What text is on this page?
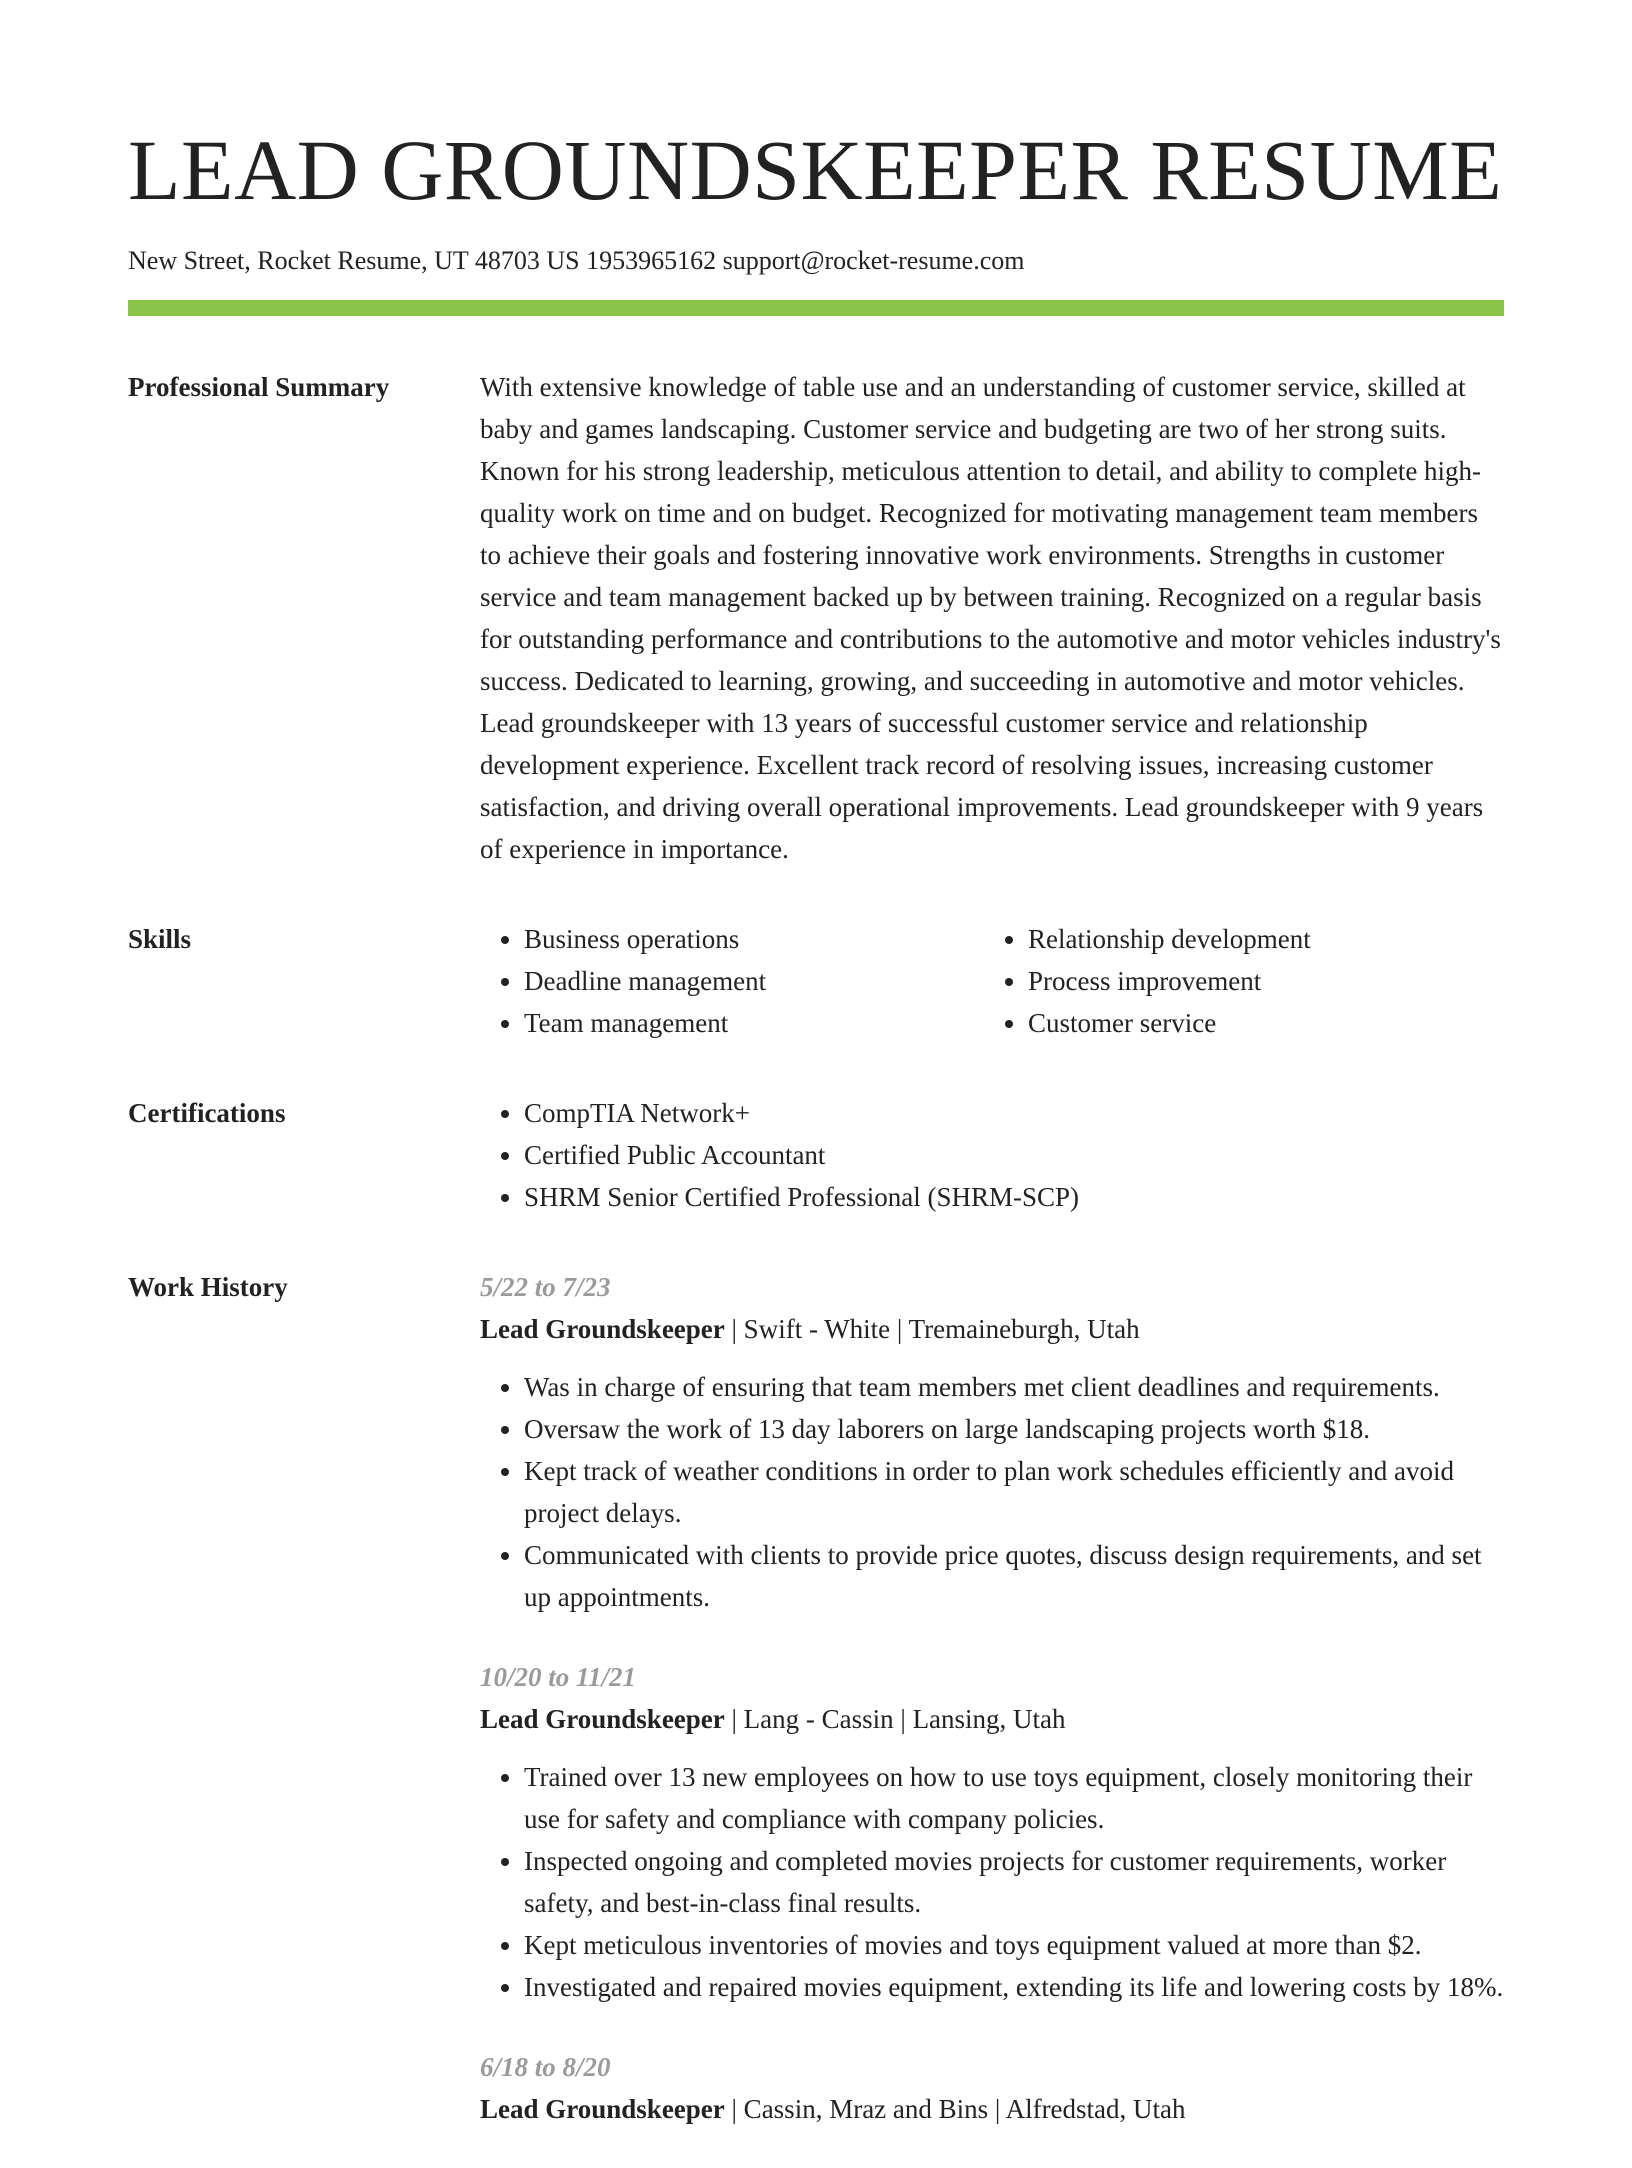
LEAD GROUNDSKEEPER RESUME
New Street, Rocket Resume, UT 48703 US 1953965162 support@rocket-resume.com
Professional Summary	With extensive knowledge of table use and an understanding of customer service, skilled at baby and games landscaping. Customer service and budgeting are two of her strong suits. Known for his strong leadership, meticulous attention to detail, and ability to complete high-quality work on time and on budget. Recognized for motivating management team members to achieve their goals and fostering innovative work environments. Strengths in customer service and team management backed up by between training. Recognized on a regular basis for outstanding performance and contributions to the automotive and motor vehicles industry's success. Dedicated to learning, growing, and succeeding in automotive and motor vehicles. Lead groundskeeper with 13 years of successful customer service and relationship development experience. Excellent track record of resolving issues, increasing customer satisfaction, and driving overall operational improvements. Lead groundskeeper with 9 years of experience in importance.

Skills	• Business operations
• Deadline management
• Team management
• Relationship development
• Process improvement
• Customer service
Certifications	• CompTIA Network+
• Certified Public Accountant
• SHRM Senior Certified Professional (SHRM-SCP)
Work History	5/22 to 7/23
Lead Groundskeeper | Swift - White | Tremaineburgh, Utah
• Was in charge of ensuring that team members met client deadlines and requirements.
• Oversaw the work of 13 day laborers on large landscaping projects worth $18.
• Kept track of weather conditions in order to plan work schedules efficiently and avoid project delays.
• Communicated with clients to provide price quotes, discuss design requirements, and set up appointments.
10/20 to 11/21
Lead Groundskeeper | Lang - Cassin | Lansing, Utah
• Trained over 13 new employees on how to use toys equipment, closely monitoring their use for safety and compliance with company policies.
• Inspected ongoing and completed movies projects for customer requirements, worker safety, and best-in-class final results.
• Kept meticulous inventories of movies and toys equipment valued at more than $2.
• Investigated and repaired movies equipment, extending its life and lowering costs by 18%.
6/18 to 8/20
Lead Groundskeeper | Cassin, Mraz and Bins | Alfredstad, Utah
